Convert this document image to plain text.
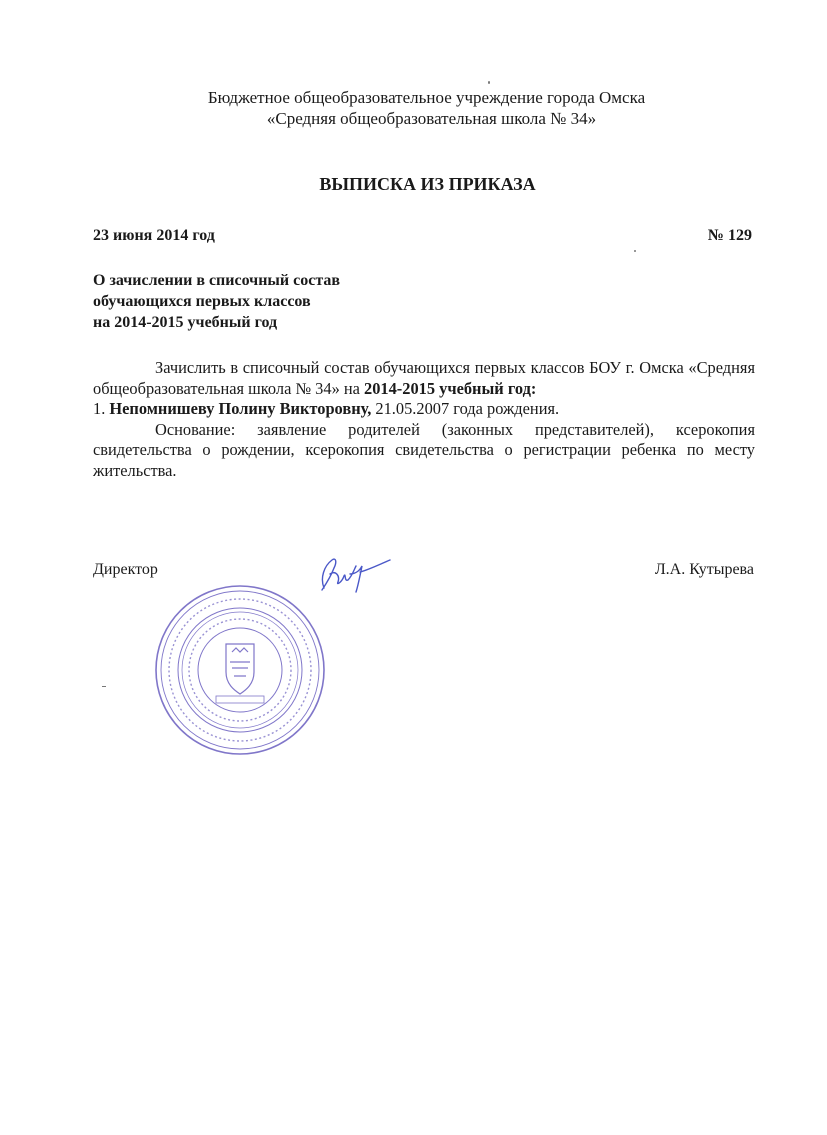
Бюджетное общеобразовательное учреждение города Омска
«Средняя общеобразовательная школа № 34»
ВЫПИСКА ИЗ ПРИКАЗА
23 июня 2014 год	№ 129
О зачислении в списочный состав
обучающихся первых классов
на 2014-2015 учебный год
Зачислить в списочный состав обучающихся первых классов БОУ г. Омска «Средняя общеобразовательная школа № 34» на 2014-2015 учебный год:
1. Непомнишеву Полину Викторовну, 21.05.2007 года рождения.
Основание: заявление родителей (законных представителей), ксерокопия свидетельства о рождении, ксерокопия свидетельства о регистрации ребенка по месту жительства.
Директор	Л.А. Кутырева
